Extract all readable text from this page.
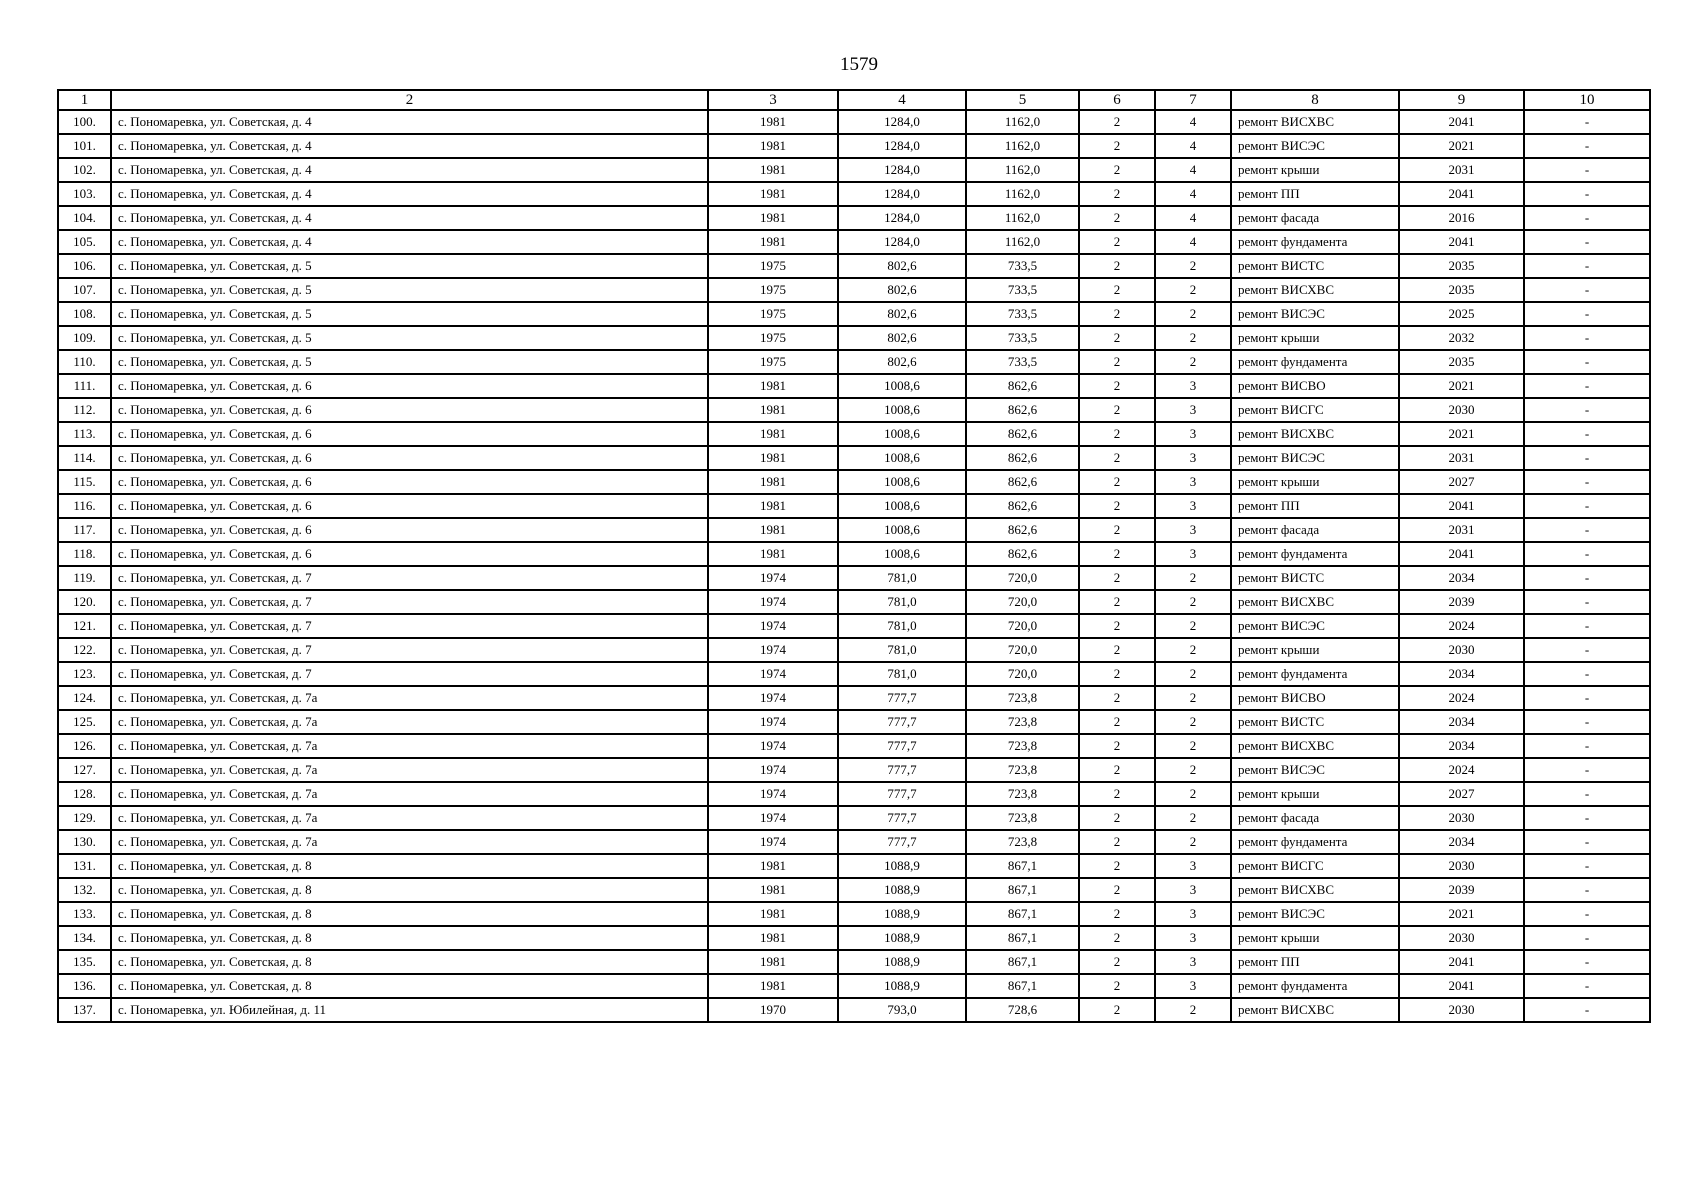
1579
1	2	3	4	5	6	7	8	9	10
100.	с. Пономаревка, ул. Советская, д. 4	1981	1284,0	1162,0	2	4	ремонт ВИСХВС	2041	-
101.	с. Пономаревка, ул. Советская, д. 4	1981	1284,0	1162,0	2	4	ремонт ВИСЭС	2021	-
102.	с. Пономаревка, ул. Советская, д. 4	1981	1284,0	1162,0	2	4	ремонт крыши	2031	-
103.	с. Пономаревка, ул. Советская, д. 4	1981	1284,0	1162,0	2	4	ремонт ПП	2041	-
104.	с. Пономаревка, ул. Советская, д. 4	1981	1284,0	1162,0	2	4	ремонт фасада	2016	-
105.	с. Пономаревка, ул. Советская, д. 4	1981	1284,0	1162,0	2	4	ремонт фундамента	2041	-
106.	с. Пономаревка, ул. Советская, д. 5	1975	802,6	733,5	2	2	ремонт ВИСТС	2035	-
107.	с. Пономаревка, ул. Советская, д. 5	1975	802,6	733,5	2	2	ремонт ВИСХВС	2035	-
108.	с. Пономаревка, ул. Советская, д. 5	1975	802,6	733,5	2	2	ремонт ВИСЭС	2025	-
109.	с. Пономаревка, ул. Советская, д. 5	1975	802,6	733,5	2	2	ремонт крыши	2032	-
110.	с. Пономаревка, ул. Советская, д. 5	1975	802,6	733,5	2	2	ремонт фундамента	2035	-
111.	с. Пономаревка, ул. Советская, д. 6	1981	1008,6	862,6	2	3	ремонт ВИСВО	2021	-
112.	с. Пономаревка, ул. Советская, д. 6	1981	1008,6	862,6	2	3	ремонт ВИСГС	2030	-
113.	с. Пономаревка, ул. Советская, д. 6	1981	1008,6	862,6	2	3	ремонт ВИСХВС	2021	-
114.	с. Пономаревка, ул. Советская, д. 6	1981	1008,6	862,6	2	3	ремонт ВИСЭС	2031	-
115.	с. Пономаревка, ул. Советская, д. 6	1981	1008,6	862,6	2	3	ремонт крыши	2027	-
116.	с. Пономаревка, ул. Советская, д. 6	1981	1008,6	862,6	2	3	ремонт ПП	2041	-
117.	с. Пономаревка, ул. Советская, д. 6	1981	1008,6	862,6	2	3	ремонт фасада	2031	-
118.	с. Пономаревка, ул. Советская, д. 6	1981	1008,6	862,6	2	3	ремонт фундамента	2041	-
119.	с. Пономаревка, ул. Советская, д. 7	1974	781,0	720,0	2	2	ремонт ВИСТС	2034	-
120.	с. Пономаревка, ул. Советская, д. 7	1974	781,0	720,0	2	2	ремонт ВИСХВС	2039	-
121.	с. Пономаревка, ул. Советская, д. 7	1974	781,0	720,0	2	2	ремонт ВИСЭС	2024	-
122.	с. Пономаревка, ул. Советская, д. 7	1974	781,0	720,0	2	2	ремонт крыши	2030	-
123.	с. Пономаревка, ул. Советская, д. 7	1974	781,0	720,0	2	2	ремонт фундамента	2034	-
124.	с. Пономаревка, ул. Советская, д. 7а	1974	777,7	723,8	2	2	ремонт ВИСВО	2024	-
125.	с. Пономаревка, ул. Советская, д. 7а	1974	777,7	723,8	2	2	ремонт ВИСТС	2034	-
126.	с. Пономаревка, ул. Советская, д. 7а	1974	777,7	723,8	2	2	ремонт ВИСХВС	2034	-
127.	с. Пономаревка, ул. Советская, д. 7а	1974	777,7	723,8	2	2	ремонт ВИСЭС	2024	-
128.	с. Пономаревка, ул. Советская, д. 7а	1974	777,7	723,8	2	2	ремонт крыши	2027	-
129.	с. Пономаревка, ул. Советская, д. 7а	1974	777,7	723,8	2	2	ремонт фасада	2030	-
130.	с. Пономаревка, ул. Советская, д. 7а	1974	777,7	723,8	2	2	ремонт фундамента	2034	-
131.	с. Пономаревка, ул. Советская, д. 8	1981	1088,9	867,1	2	3	ремонт ВИСГС	2030	-
132.	с. Пономаревка, ул. Советская, д. 8	1981	1088,9	867,1	2	3	ремонт ВИСХВС	2039	-
133.	с. Пономаревка, ул. Советская, д. 8	1981	1088,9	867,1	2	3	ремонт ВИСЭС	2021	-
134.	с. Пономаревка, ул. Советская, д. 8	1981	1088,9	867,1	2	3	ремонт крыши	2030	-
135.	с. Пономаревка, ул. Советская, д. 8	1981	1088,9	867,1	2	3	ремонт ПП	2041	-
136.	с. Пономаревка, ул. Советская, д. 8	1981	1088,9	867,1	2	3	ремонт фундамента	2041	-
137.	с. Пономаревка, ул. Юбилейная, д. 11	1970	793,0	728,6	2	2	ремонт ВИСХВС	2030	-
